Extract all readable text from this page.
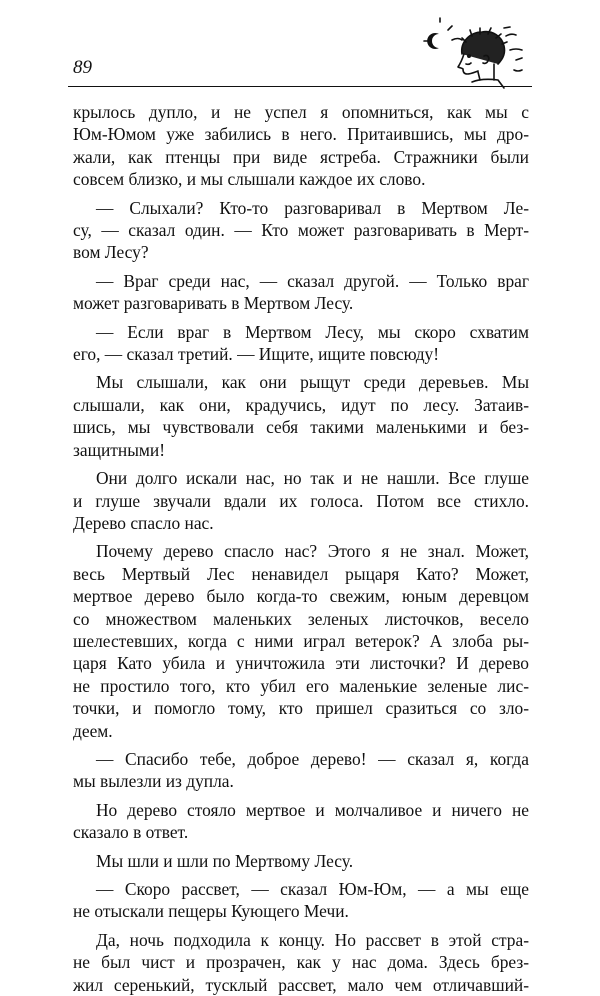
89
крылось дупло, и не успел я опомниться, как мы с
Юм-Юмом уже забились в него. Притаившись, мы дро-
жали, как птенцы при виде ястреба. Стражники были
совсем близко, и мы слышали каждое их слово.
— Слыхали? Кто-то разговаривал в Мертвом Ле-
су, — сказал один. — Кто может разговаривать в Мерт-
вом Лесу?
— Враг среди нас, — сказал другой. — Только враг
может разговаривать в Мертвом Лесу.
— Если враг в Мертвом Лесу, мы скоро схватим
его, — сказал третий. — Ищите, ищите повсюду!
Мы слышали, как они рыщут среди деревьев. Мы
слышали, как они, крадучись, идут по лесу. Затаив-
шись, мы чувствовали себя такими маленькими и без-
защитными!
Они долго искали нас, но так и не нашли. Все глуше
и глуше звучали вдали их голоса. Потом все стихло.
Дерево спасло нас.
Почему дерево спасло нас? Этого я не знал. Может,
весь Мертвый Лес ненавидел рыцаря Като? Может,
мертвое дерево было когда-то свежим, юным деревцом
со множеством маленьких зеленых листочков, весело
шелестевших, когда с ними играл ветерок? А злоба ры-
царя Като убила и уничтожила эти листочки? И дерево
не простило того, кто убил его маленькие зеленые лис-
точки, и помогло тому, кто пришел сразиться со зло-
деем.
— Спасибо тебе, доброе дерево! — сказал я, когда
мы вылезли из дупла.
Но дерево стояло мертвое и молчаливое и ничего не
сказало в ответ.
Мы шли и шли по Мертвому Лесу.
— Скоро рассвет, — сказал Юм-Юм, — а мы еще
не отыскали пещеры Кующего Мечи.
Да, ночь подходила к концу. Но рассвет в этой стра-
не был чист и прозрачен, как у нас дома. Здесь брез-
жил серенький, тусклый рассвет, мало чем отличавший-
